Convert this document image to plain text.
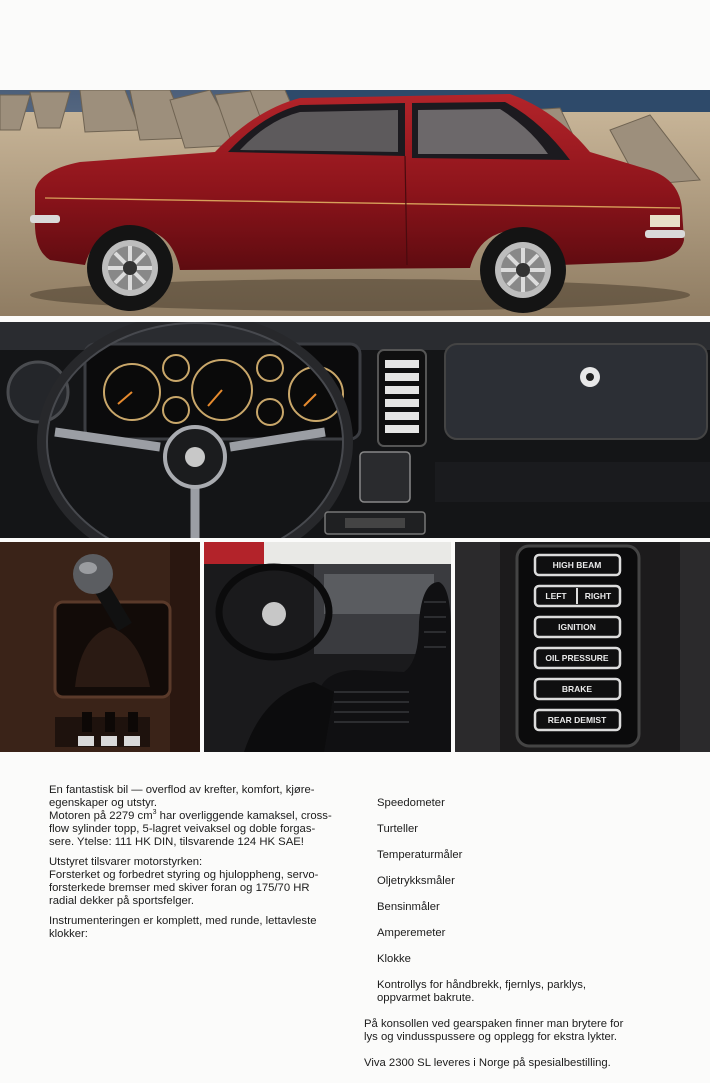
HIGH BEAM
LEFT RIGHT
IGNITION
OIL PRESSURE
BRAKE
REAR DEMIST

En fantastisk bil — overflod av krefter, komfort, kjøre-
egenskaper og utstyr.
Motoren på 2279 $cm^3$ har overliggende kamaksel, cross-
flow sylinder topp, 5-lagret veivaksel og doble forgas-
sere. Ytelse: 111 HK DIN, tilsvarende 124 HK SAE!

Utstyret tilsvarer motorstyrken:
Forsterket og forbedret styring og hjuloppheng, servo-
forsterkede bremser med skiver foran og 175/70 HR
radial dekker på sportsfelger.

Instrumenteringen er komplett, med runde, lettavleste
klokker:

Speedometer

Turteller

Temperaturmåler

Oljetrykksmåler

Bensinmåler

Amperemeter

Klokke

Kontrollys for håndbrekk, fjernlys, parklys,
oppvarmet bakrute.

På konsollen ved gearspaken finner man brytere for
lys og vindusspussere og opplegg for ekstra lykter.

Viva 2300 SL leveres i Norge på spesialbestilling.
